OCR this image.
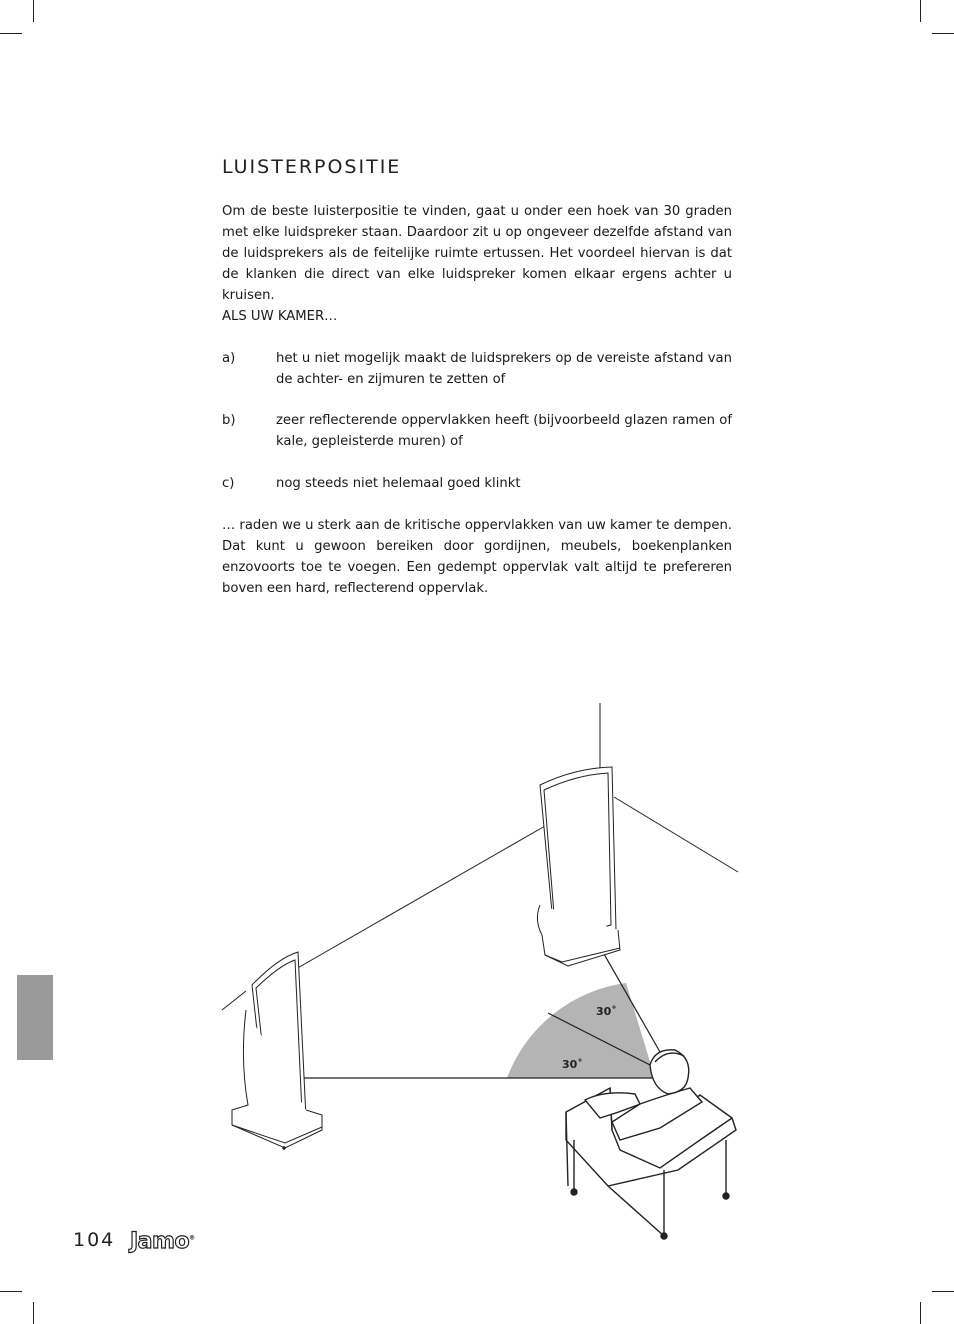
LUISTERPOSITIE
Om de beste luisterpositie te vinden, gaat u onder een hoek van 30 graden met elke luidspreker staan. Daardoor zit u op ongeveer dezelfde afstand van de luidsprekers als de feitelijke ruimte ertussen. Het voordeel hiervan is dat de klanken die direct van elke luidspreker komen elkaar ergens achter u kruisen.
ALS UW KAMER…
a)	het u niet mogelijk maakt de luidsprekers op de vereiste afstand van de achter- en zijmuren te zetten of
b)	zeer reflecterende oppervlakken heeft (bijvoorbeeld glazen ramen of kale, gepleisterde muren) of
c)	nog steeds niet helemaal goed klinkt
… raden we u sterk aan de kritische oppervlakken van uw kamer te dempen. Dat kunt u gewoon bereiken door gordijnen, meubels, boekenplanken enzovoorts toe te voegen. Een gedempt oppervlak valt altijd te prefereren boven een hard, reflecterend oppervlak.
30˚
30˚
104 Jamo®
